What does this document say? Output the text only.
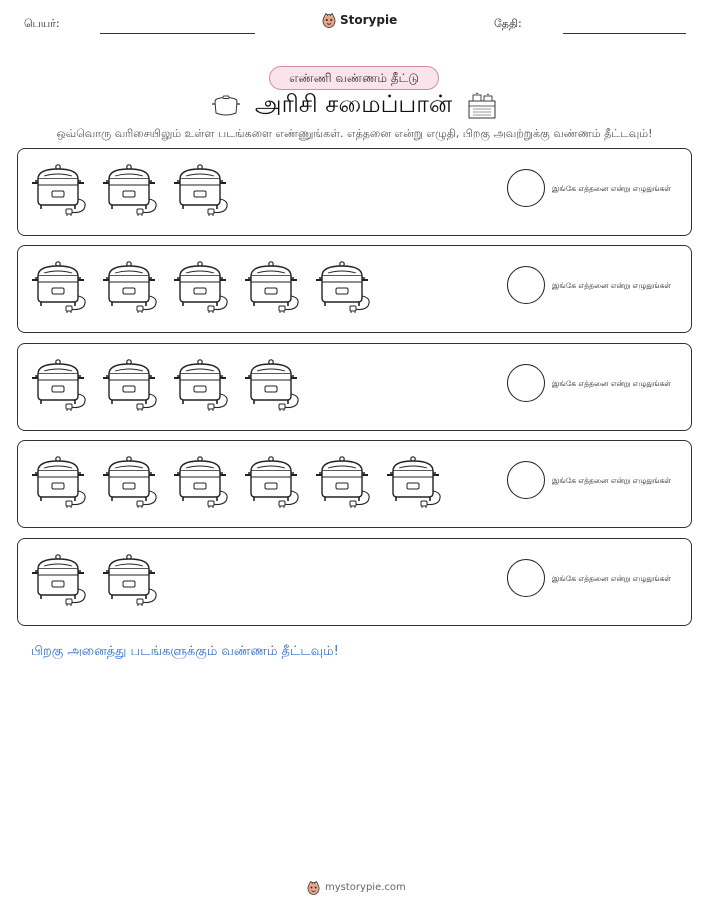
பெயர்:	Storypie	தேதி:
எண்ணி வண்ணம் தீட்டு
அரிசி சமைப்பான்
ஒவ்வொரு வரிசையிலும் உள்ள படங்களை எண்ணுங்கள். எத்தனை என்று எழுதி, பிறகு அவற்றுக்கு வண்ணம் தீட்டவும்!
இங்கே எத்தனை என்று எழுதுங்கள்
இங்கே எத்தனை என்று எழுதுங்கள்
இங்கே எத்தனை என்று எழுதுங்கள்
இங்கே எத்தனை என்று எழுதுங்கள்
இங்கே எத்தனை என்று எழுதுங்கள்
பிறகு அனைத்து படங்களுக்கும் வண்ணம் தீட்டவும்!
mystorypie.com
